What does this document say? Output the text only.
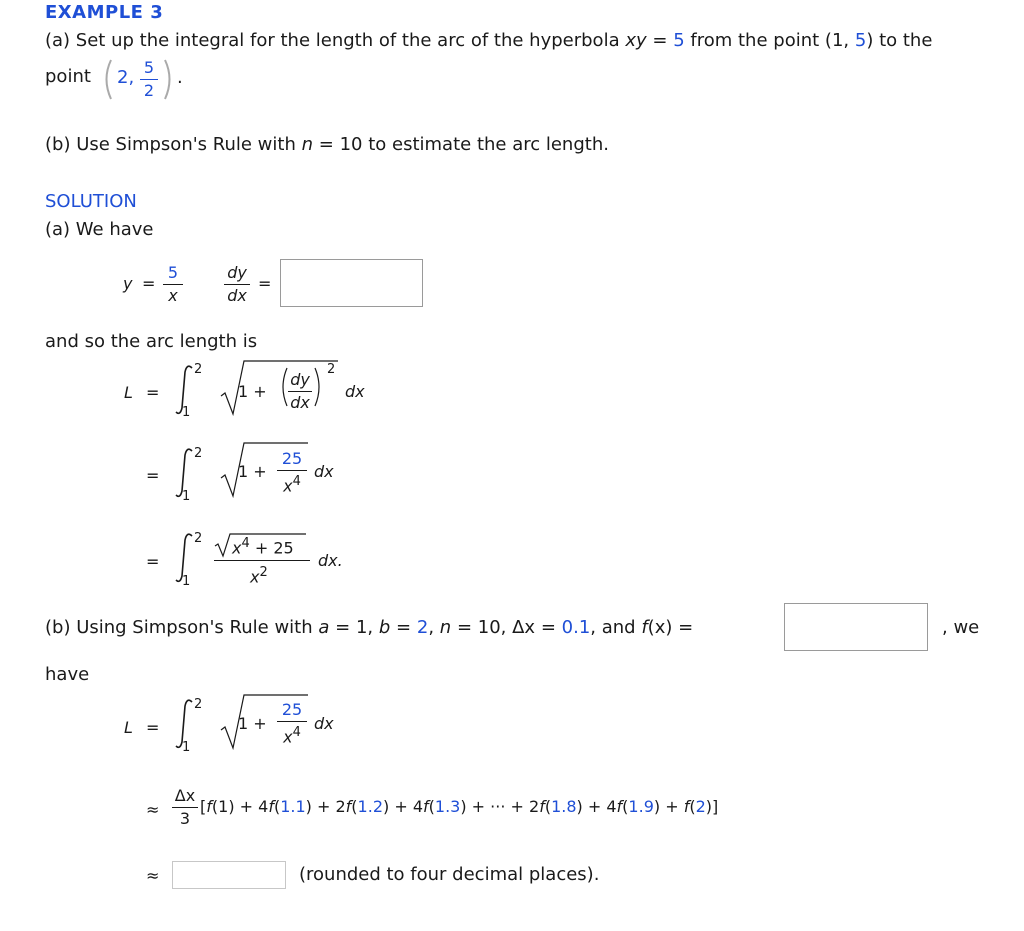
EXAMPLE 3
(a) Set up the integral for the length of the arc of the hyperbola xy = 5 from the point (1, 5) to the
point 2, 5
2
.
(b) Use Simpson's Rule with n = 10 to estimate the arc length.
SOLUTION
(a) We have
y =
5
x
dy
dx
=
and so the arc length is
L =
2
1
1 +
dy
dx
2
dx
=
2
1
1 +
25
$x^4$
dx
=
2
1
$x^4 + 25$
$x^2$
dx.
(b) Using Simpson's Rule with a = 1, b = 2, n = 10, Δx = 0.1, and f(x) =	, we
have
L =
2
1
1 +
25
$x^4$ dx
≈
Δx
3
[f(1) + 4f(1.1) + 2f(1.2) + 4f(1.3) + ··· + 2f(1.8) + 4f(1.9) + f(2)]
≈	(rounded to four decimal places).
